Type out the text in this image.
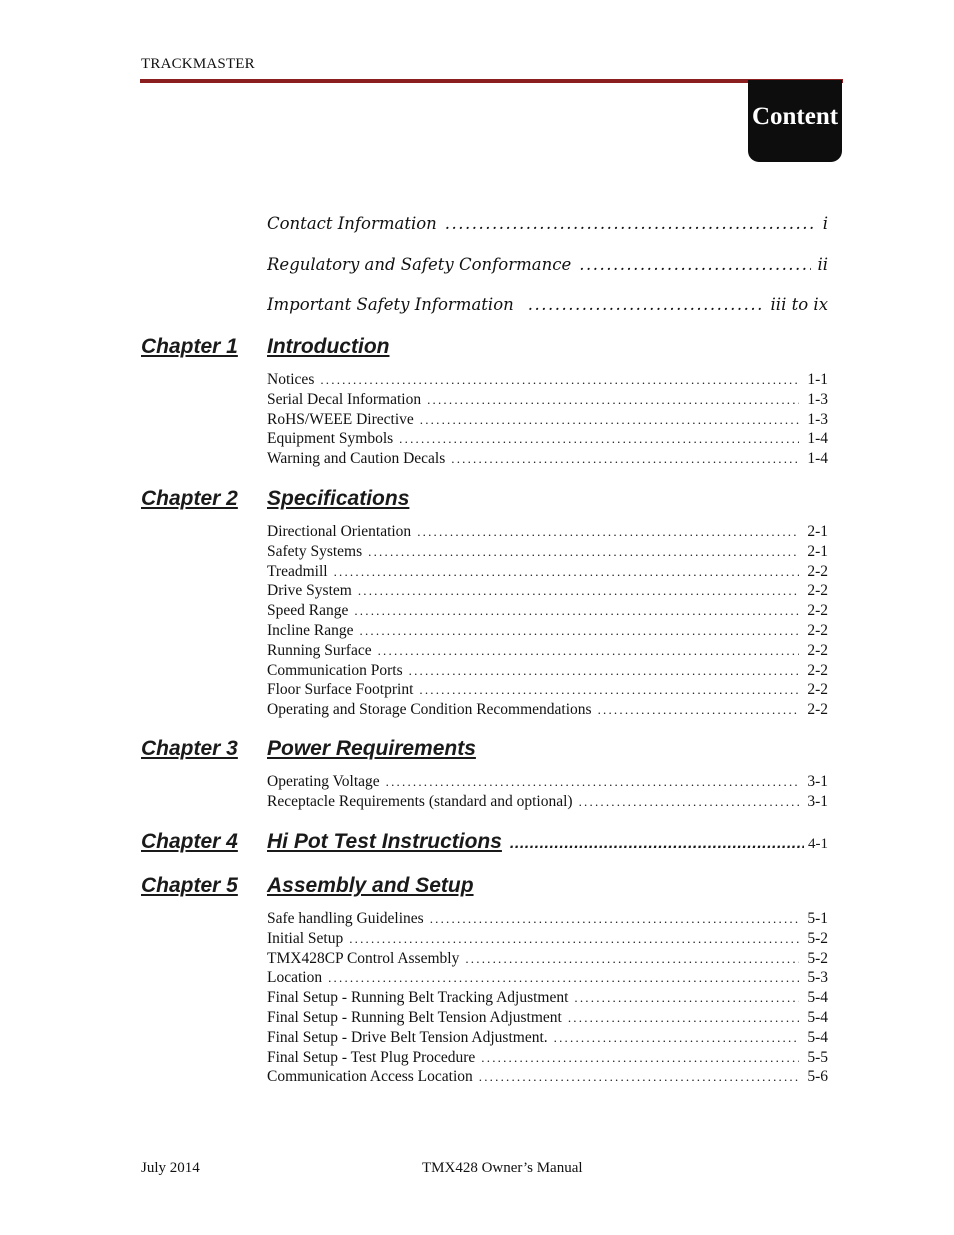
TRACKMASTER
Content
Contact Information .....	i
Regulatory and Safety Conformance .....	ii
Important Safety Information .....	iii to ix
Chapter 1	Introduction
Notices .....	1-1
Serial Decal Information .....	1-3
RoHS/WEEE Directive .....	1-3
Equipment Symbols .....	1-4
Warning and Caution Decals .....	1-4
Chapter 2	Specifications
Directional Orientation .....	2-1
Safety Systems .....	2-1
Treadmill .....	2-2
Drive System .....	2-2
Speed Range .....	2-2
Incline Range .....	2-2
Running Surface .....	2-2
Communication Ports .....	2-2
Floor Surface Footprint .....	2-2
Operating and Storage Condition Recommendations .....	2-2
Chapter 3	Power Requirements
Operating Voltage .....	3-1
Receptacle Requirements (standard and optional) .....	3-1
Chapter 4	Hi Pot Test Instructions .....	4-1
Chapter 5	Assembly and Setup
Safe handling Guidelines .....	5-1
Initial Setup .....	5-2
TMX428CP Control Assembly .....	5-2
Location .....	5-3
Final Setup - Running Belt Tracking Adjustment .....	5-4
Final Setup - Running Belt Tension Adjustment .....	5-4
Final Setup - Drive Belt Tension Adjustment. .....	5-4
Final Setup - Test Plug Procedure .....	5-5
Communication Access Location .....	5-6
July 2014	TMX428 Owner’s Manual
